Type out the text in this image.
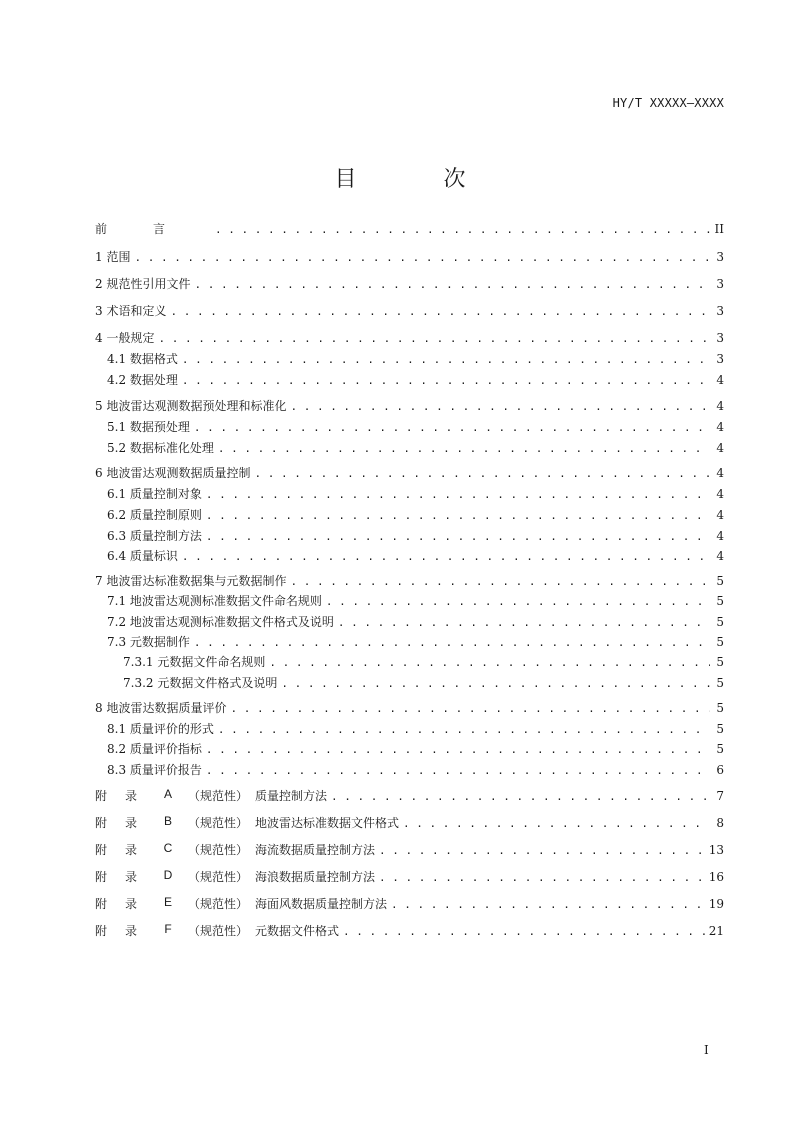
HY/T XXXXX—XXXX
目 次
前言 . . .	II
1 范围 . . .	3
2 规范性引用文件 . . .	3
3 术语和定义 . . .	3
4 一般规定 . . .	3
4.1 数据格式 . . .	3
4.2 数据处理 . . .	4
5 地波雷达观测数据预处理和标准化 . . .	4
5.1 数据预处理 . . .	4
5.2 数据标准化处理 . . .	4
6 地波雷达观测数据质量控制 . . .	4
6.1 质量控制对象 . . .	4
6.2 质量控制原则 . . .	4
6.3 质量控制方法 . . .	4
6.4 质量标识 . . .	4
7 地波雷达标准数据集与元数据制作 . . .	5
7.1 地波雷达观测标准数据文件命名规则 . . .	5
7.2 地波雷达观测标准数据文件格式及说明 . . .	5
7.3 元数据制作 . . .	5
7.3.1 元数据文件命名规则 . . .	5
7.3.2 元数据文件格式及说明 . . .	5
8 地波雷达数据质量评价 . . .	5
8.1 质量评价的形式 . . .	5
8.2 质量评价指标 . . .	5
8.3 质量评价报告 . . .	6
附	录	A	（规范性） 质量控制方法 . . .	7
附	录	B	（规范性） 地波雷达标准数据文件格式 . . .	8
附	录	C	（规范性） 海流数据质量控制方法 . . .	13
附	录	D	（规范性） 海浪数据质量控制方法 . . .	16
附	录	E	（规范性） 海面风数据质量控制方法 . . .	19
附	录	F	（规范性） 元数据文件格式 . . .	21
I
